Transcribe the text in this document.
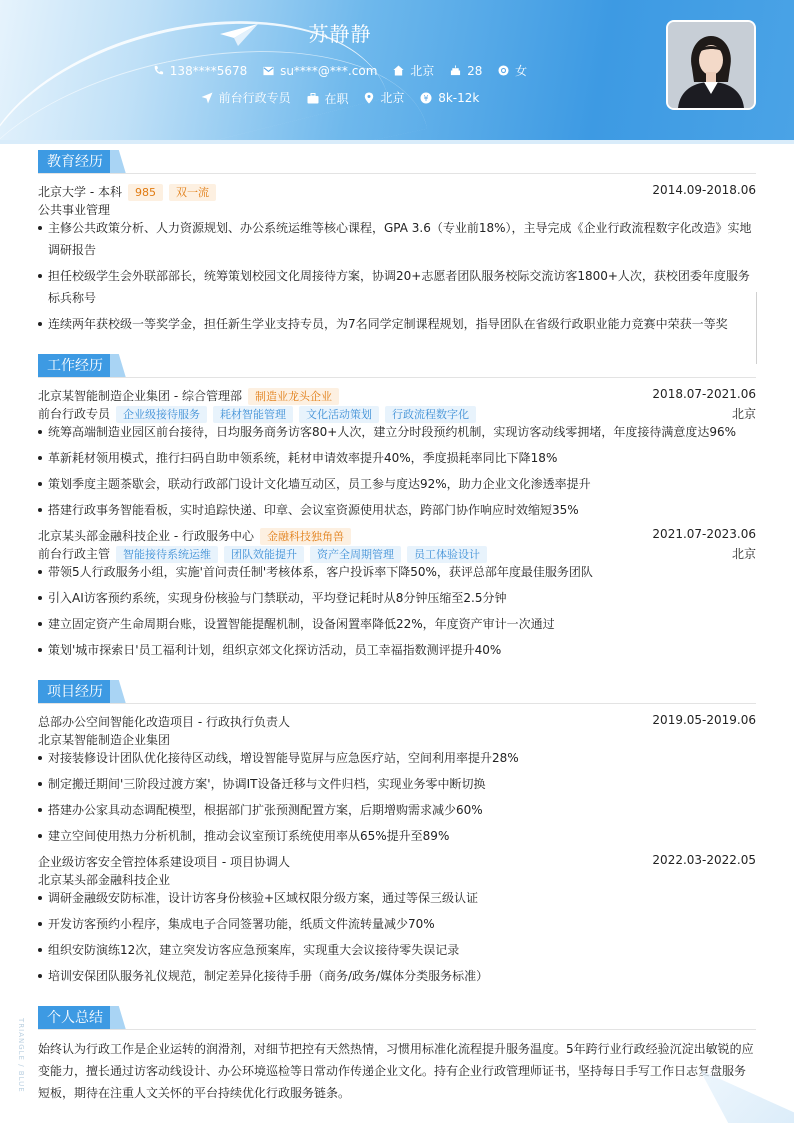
苏静静
138****5678
	su****@***.com
	北京
	28
	女
前台行政专员
	在职
	北京
	¥ 8k-12k
教育经历
北京大学 - 本科 985 双一流	2014.09-2018.06
公共事业管理
主修公共政策分析、人力资源规划、办公系统运维等核心课程，GPA 3.6（专业前18%），主导完成《企业行政流程数字化改造》实地调研报告
担任校级学生会外联部部长，统筹策划校园文化周接待方案，协调20+志愿者团队服务校际交流访客1800+人次，获校团委年度服务标兵称号
连续两年获校级一等奖学金，担任新生学业支持专员，为7名同学定制课程规划，指导团队在省级行政职业能力竞赛中荣获一等奖
工作经历
北京某智能制造企业集团 - 综合管理部 制造业龙头企业	2018.07-2021.06
前台行政专员 企业级接待服务 耗材智能管理 文化活动策划 行政流程数字化	北京
统筹高端制造业园区前台接待，日均服务商务访客80+人次，建立分时段预约机制，实现访客动线零拥堵，年度接待满意度达96%
革新耗材领用模式，推行扫码自助申领系统，耗材申请效率提升40%，季度损耗率同比下降18%
策划季度主题茶歇会，联动行政部门设计文化墙互动区，员工参与度达92%，助力企业文化渗透率提升
搭建行政事务智能看板，实时追踪快递、印章、会议室资源使用状态，跨部门协作响应时效缩短35%
北京某头部金融科技企业 - 行政服务中心 金融科技独角兽	2021.07-2023.06
前台行政主管 智能接待系统运维 团队效能提升 资产全周期管理 员工体验设计	北京
带领5人行政服务小组，实施'首问责任制'考核体系，客户投诉率下降50%，获评总部年度最佳服务团队
引入AI访客预约系统，实现身份核验与门禁联动，平均登记耗时从8分钟压缩至2.5分钟
建立固定资产生命周期台账，设置智能提醒机制，设备闲置率降低22%，年度资产审计一次通过
策划'城市探索日'员工福利计划，组织京郊文化探访活动，员工幸福指数测评提升40%
项目经历
总部办公空间智能化改造项目 - 行政执行负责人	2019.05-2019.06
北京某智能制造企业集团
对接装修设计团队优化接待区动线，增设智能导览屏与应急医疗站，空间利用率提升28%
制定搬迁期间'三阶段过渡方案'，协调IT设备迁移与文件归档，实现业务零中断切换
搭建办公家具动态调配模型，根据部门扩张预测配置方案，后期增购需求减少60%
建立空间使用热力分析机制，推动会议室预订系统使用率从65%提升至89%
企业级访客安全管控体系建设项目 - 项目协调人	2022.03-2022.05
北京某头部金融科技企业
调研金融级安防标准，设计访客身份核验+区域权限分级方案，通过等保三级认证
开发访客预约小程序，集成电子合同签署功能，纸质文件流转量减少70%
组织安防演练12次，建立突发访客应急预案库，实现重大会议接待零失误记录
培训安保团队服务礼仪规范，制定差异化接待手册（商务/政务/媒体分类服务标准）
个人总结
始终认为行政工作是企业运转的润滑剂，对细节把控有天然热情，习惯用标准化流程提升服务温度。5年跨行业行政经验沉淀出敏锐的应变能力，擅长通过访客动线设计、办公环境巡检等日常动作传递企业文化。持有企业行政管理师证书，坚持每日手写工作日志复盘服务短板，期待在注重人文关怀的平台持续优化行政服务链条。
TRIANGLE / BLUE
